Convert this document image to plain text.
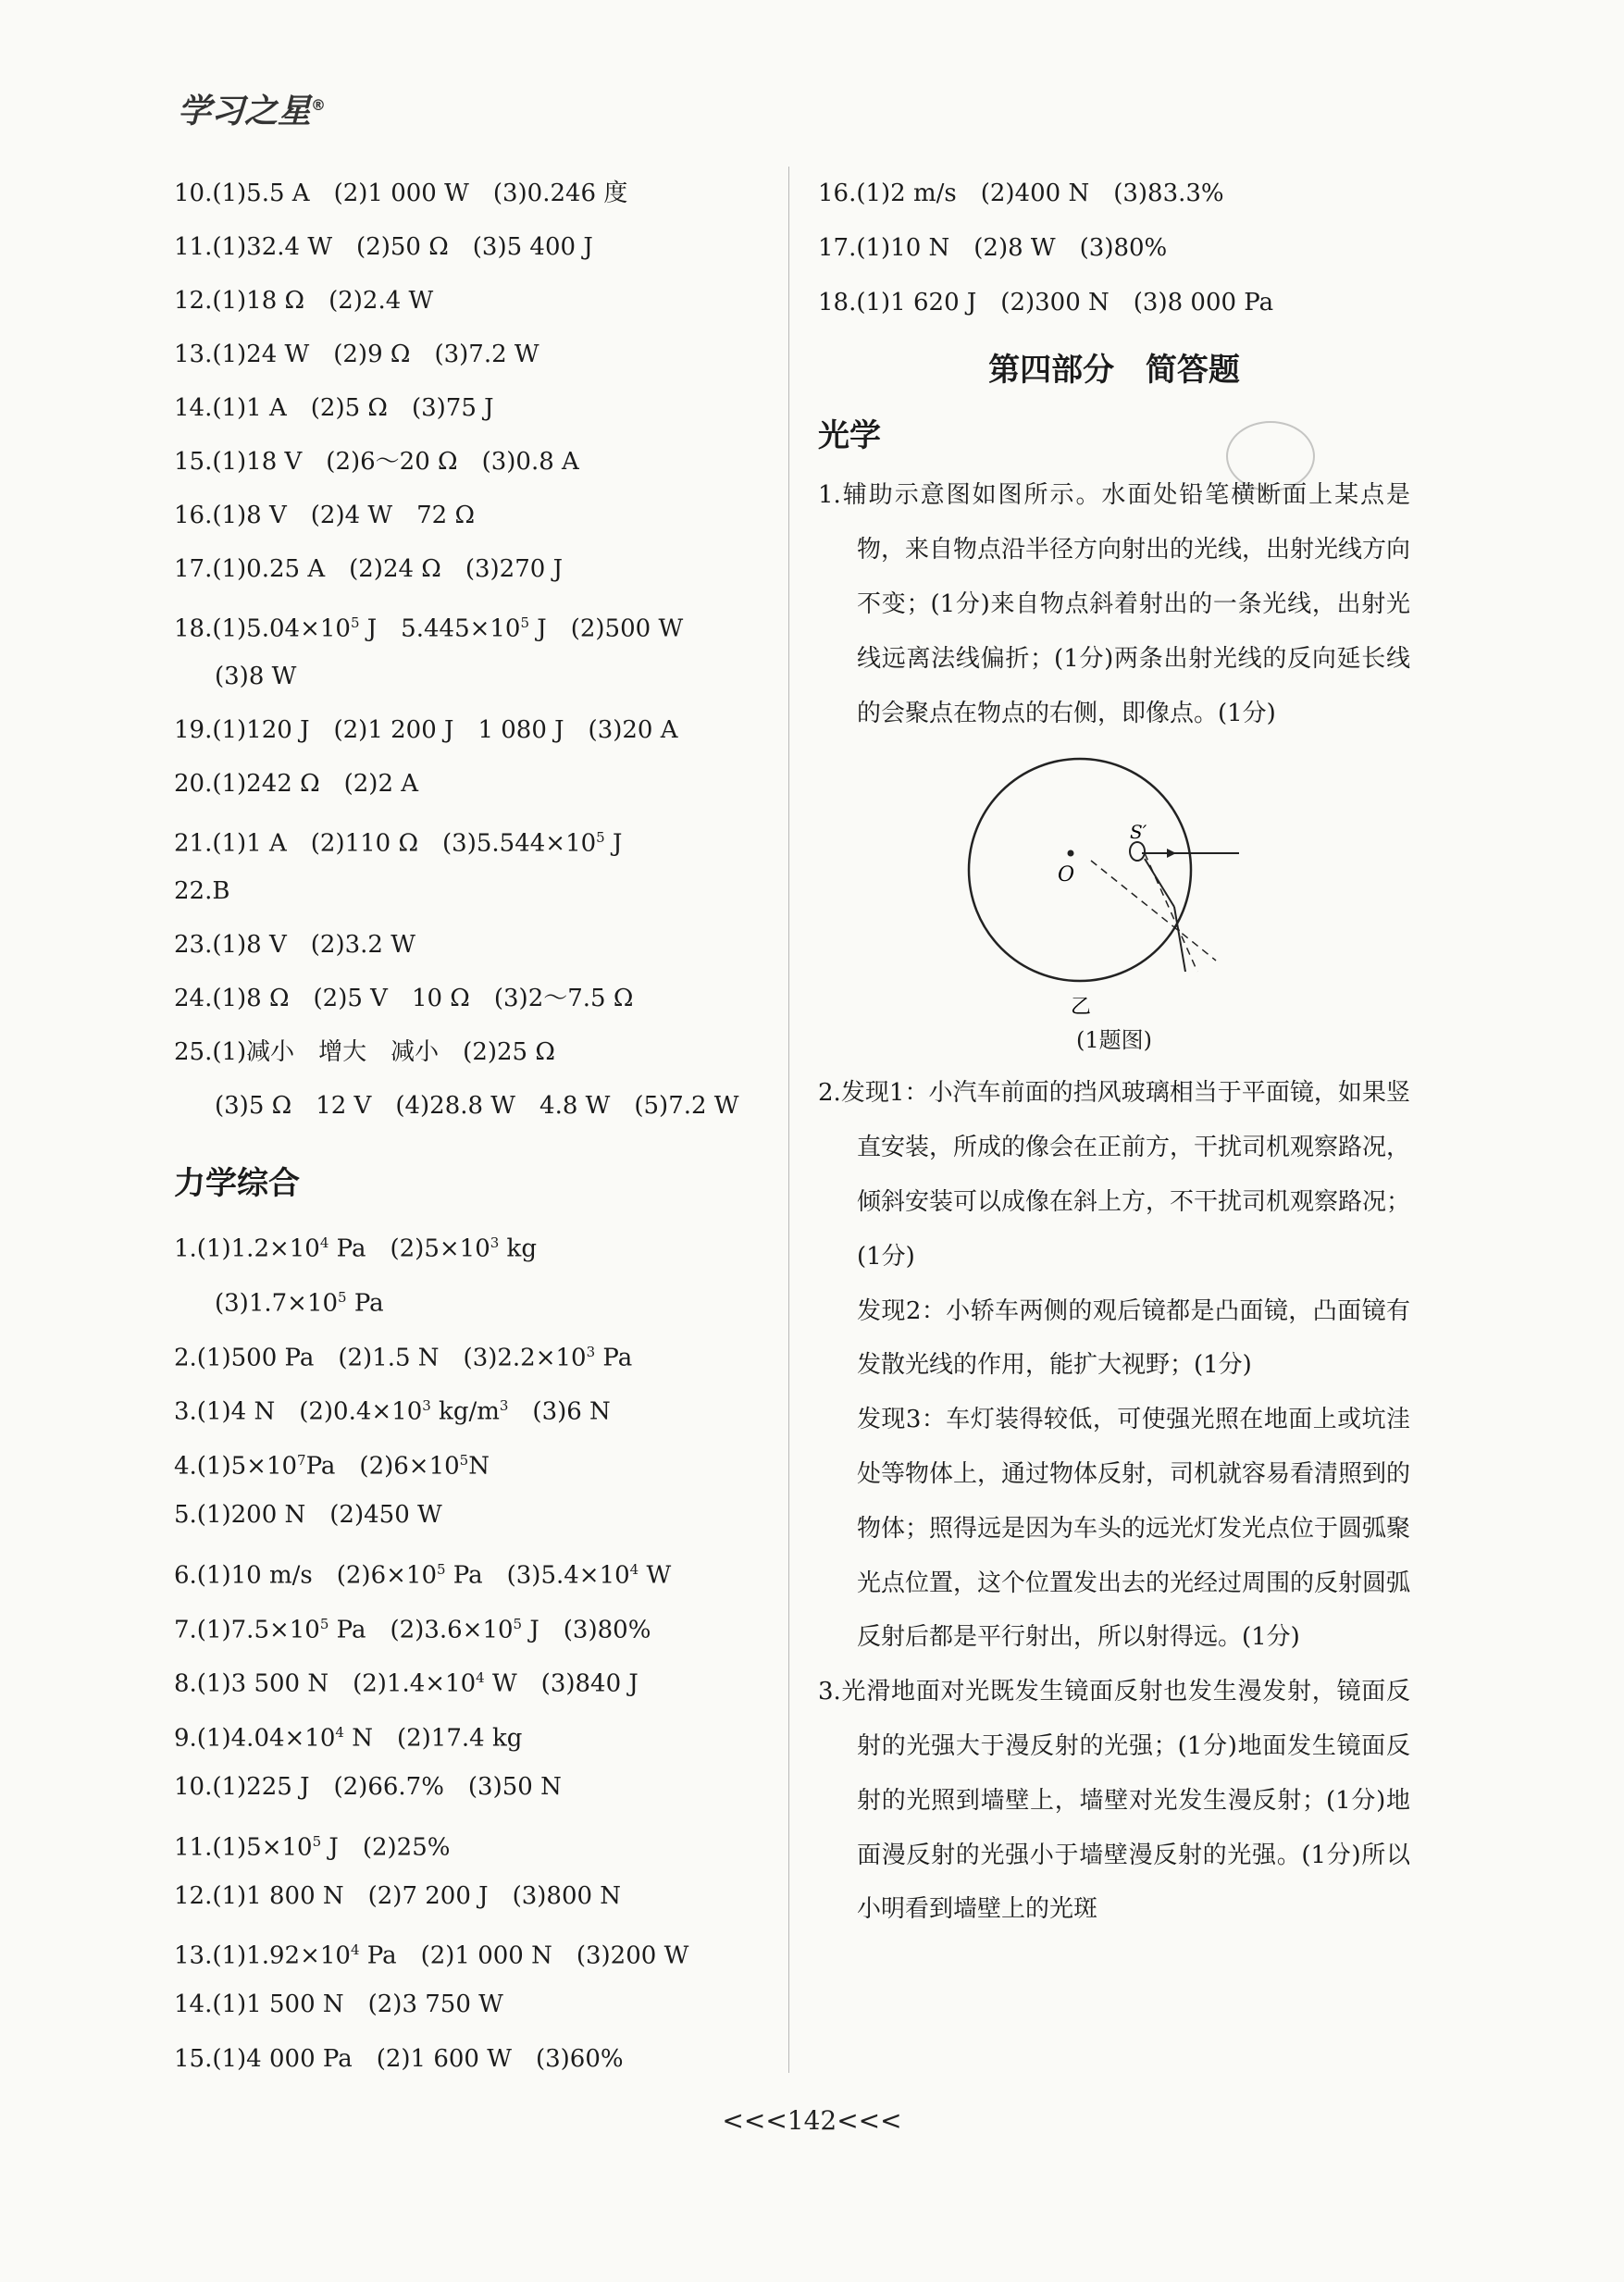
学习之星®
10.(1)5.5 A　(2)1 000 W　(3)0.246 度
11.(1)32.4 W　(2)50 Ω　(3)5 400 J
12.(1)18 Ω　(2)2.4 W
13.(1)24 W　(2)9 Ω　(3)7.2 W
14.(1)1 A　(2)5 Ω　(3)75 J
15.(1)18 V　(2)6～20 Ω　(3)0.8 A
16.(1)8 V　(2)4 W　72 Ω
17.(1)0.25 A　(2)24 Ω　(3)270 J
$18.(1)5.04\times 10^5$ J　$5.445\times 10^5$ J　(2)500 W
(3)8 W
19.(1)120 J　(2)1 200 J　1 080 J　(3)20 A
20.(1)242 Ω　(2)2 A
21.(1)1 A　(2)110 Ω　$(3)5.544\times 10^5$ J
22.B
23.(1)8 V　(2)3.2 W
24.(1)8 Ω　(2)5 V　10 Ω　(3)2～7.5 Ω
25.(1)减小　增大　减小　(2)25 Ω
(3)5 Ω　12 V　(4)28.8 W　4.8 W　(5)7.2 W
力学综合
$1.(1)1.2\times 10^4$ Pa　$(2)5\times 10^3$ kg
$(3)1.7\times 10^5$ Pa
2.(1)500 Pa　(2)1.5 N　$(3)2.2\times 10^3$ Pa
3.(1)4 N　$(2)0.4\times 10^3$ $kg/m^3$　(3)6 N
$4.(1)5\times 10^7Pa$　$(2)6\times 10^5N$
5.(1)200 N　(2)450 W
6.(1)10 m/s　$(2)6\times 10^5$ Pa　$(3)5.4\times 10^4$ W
$7.(1)7.5\times 10^5$ Pa　$(2)3.6\times 10^5$ J　(3)80%
8.(1)3 500 N　$(2)1.4\times 10^4$ W　(3)840 J
$9.(1)4.04\times 10^4$ N　(2)17.4 kg
10.(1)225 J　(2)66.7%　(3)50 N
$11.(1)5\times 10^5$ J　(2)25%
12.(1)1 800 N　(2)7 200 J　(3)800 N
$13.(1)1.92\times 10^4$ Pa　(2)1 000 N　(3)200 W
14.(1)1 500 N　(2)3 750 W
15.(1)4 000 Pa　(2)1 600 W　(3)60%
16.(1)2 m/s　(2)400 N　(3)83.3%
17.(1)10 N　(2)8 W　(3)80%
18.(1)1 620 J　(2)300 N　(3)8 000 Pa
第四部分 简答题
光学
1.辅助示意图如图所示。水面处铅笔横断面上某点是物，来自物点沿半径方向射出的光线，出射光线方向不变；(1分)来自物点斜着射出的一条光线，出射光线远离法线偏折；(1分)两条出射光线的反向延长线的会聚点在物点的右侧，即像点。(1分)
O
S′
乙
(1题图)
2.发现1：小汽车前面的挡风玻璃相当于平面镜，如果竖直安装，所成的像会在正前方，干扰司机观察路况，倾斜安装可以成像在斜上方，不干扰司机观察路况；(1分)
发现2：小轿车两侧的观后镜都是凸面镜，凸面镜有发散光线的作用，能扩大视野；(1分)
发现3：车灯装得较低，可使强光照在地面上或坑洼处等物体上，通过物体反射，司机就容易看清照到的物体；照得远是因为车头的远光灯发光点位于圆弧聚光点位置，这个位置发出去的光经过周围的反射圆弧反射后都是平行射出，所以射得远。(1分)
3.光滑地面对光既发生镜面反射也发生漫发射，镜面反射的光强大于漫反射的光强；(1分)地面发生镜面反射的光照到墙壁上，墙壁对光发生漫反射；(1分)地面漫反射的光强小于墙壁漫反射的光强。(1分)所以小明看到墙壁上的光斑
<<<142<<<
